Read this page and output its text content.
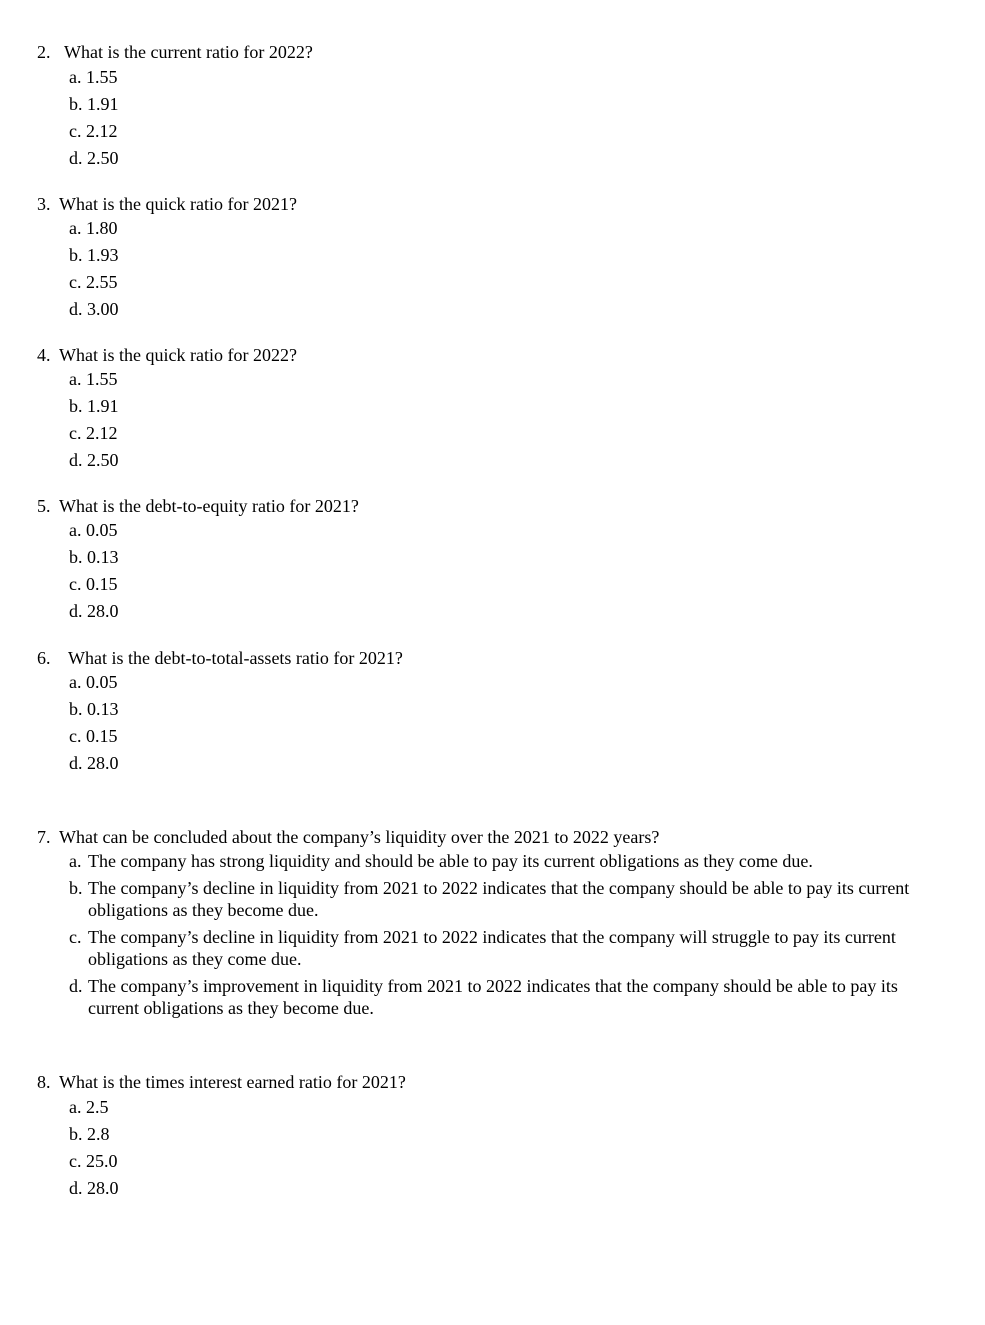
2. What is the current ratio for 2022?
a. 1.55
b. 1.91
c. 2.12
d. 2.50
3. What is the quick ratio for 2021?
a. 1.80
b. 1.93
c. 2.55
d. 3.00
4. What is the quick ratio for 2022?
a. 1.55
b. 1.91
c. 2.12
d. 2.50
5. What is the debt-to-equity ratio for 2021?
a. 0.05
b. 0.13
c. 0.15
d. 28.0
6. What is the debt-to-total-assets ratio for 2021?
a. 0.05
b. 0.13
c. 0.15
d. 28.0
7. What can be concluded about the company’s liquidity over the 2021 to 2022 years?
a. The company has strong liquidity and should be able to pay its current obligations as they come due.
b. The company’s decline in liquidity from 2021 to 2022 indicates that the company should be able to pay its current obligations as they become due.
c. The company’s decline in liquidity from 2021 to 2022 indicates that the company will struggle to pay its current obligations as they come due.
d. The company’s improvement in liquidity from 2021 to 2022 indicates that the company should be able to pay its current obligations as they become due.
8. What is the times interest earned ratio for 2021?
a. 2.5
b. 2.8
c. 25.0
d. 28.0
